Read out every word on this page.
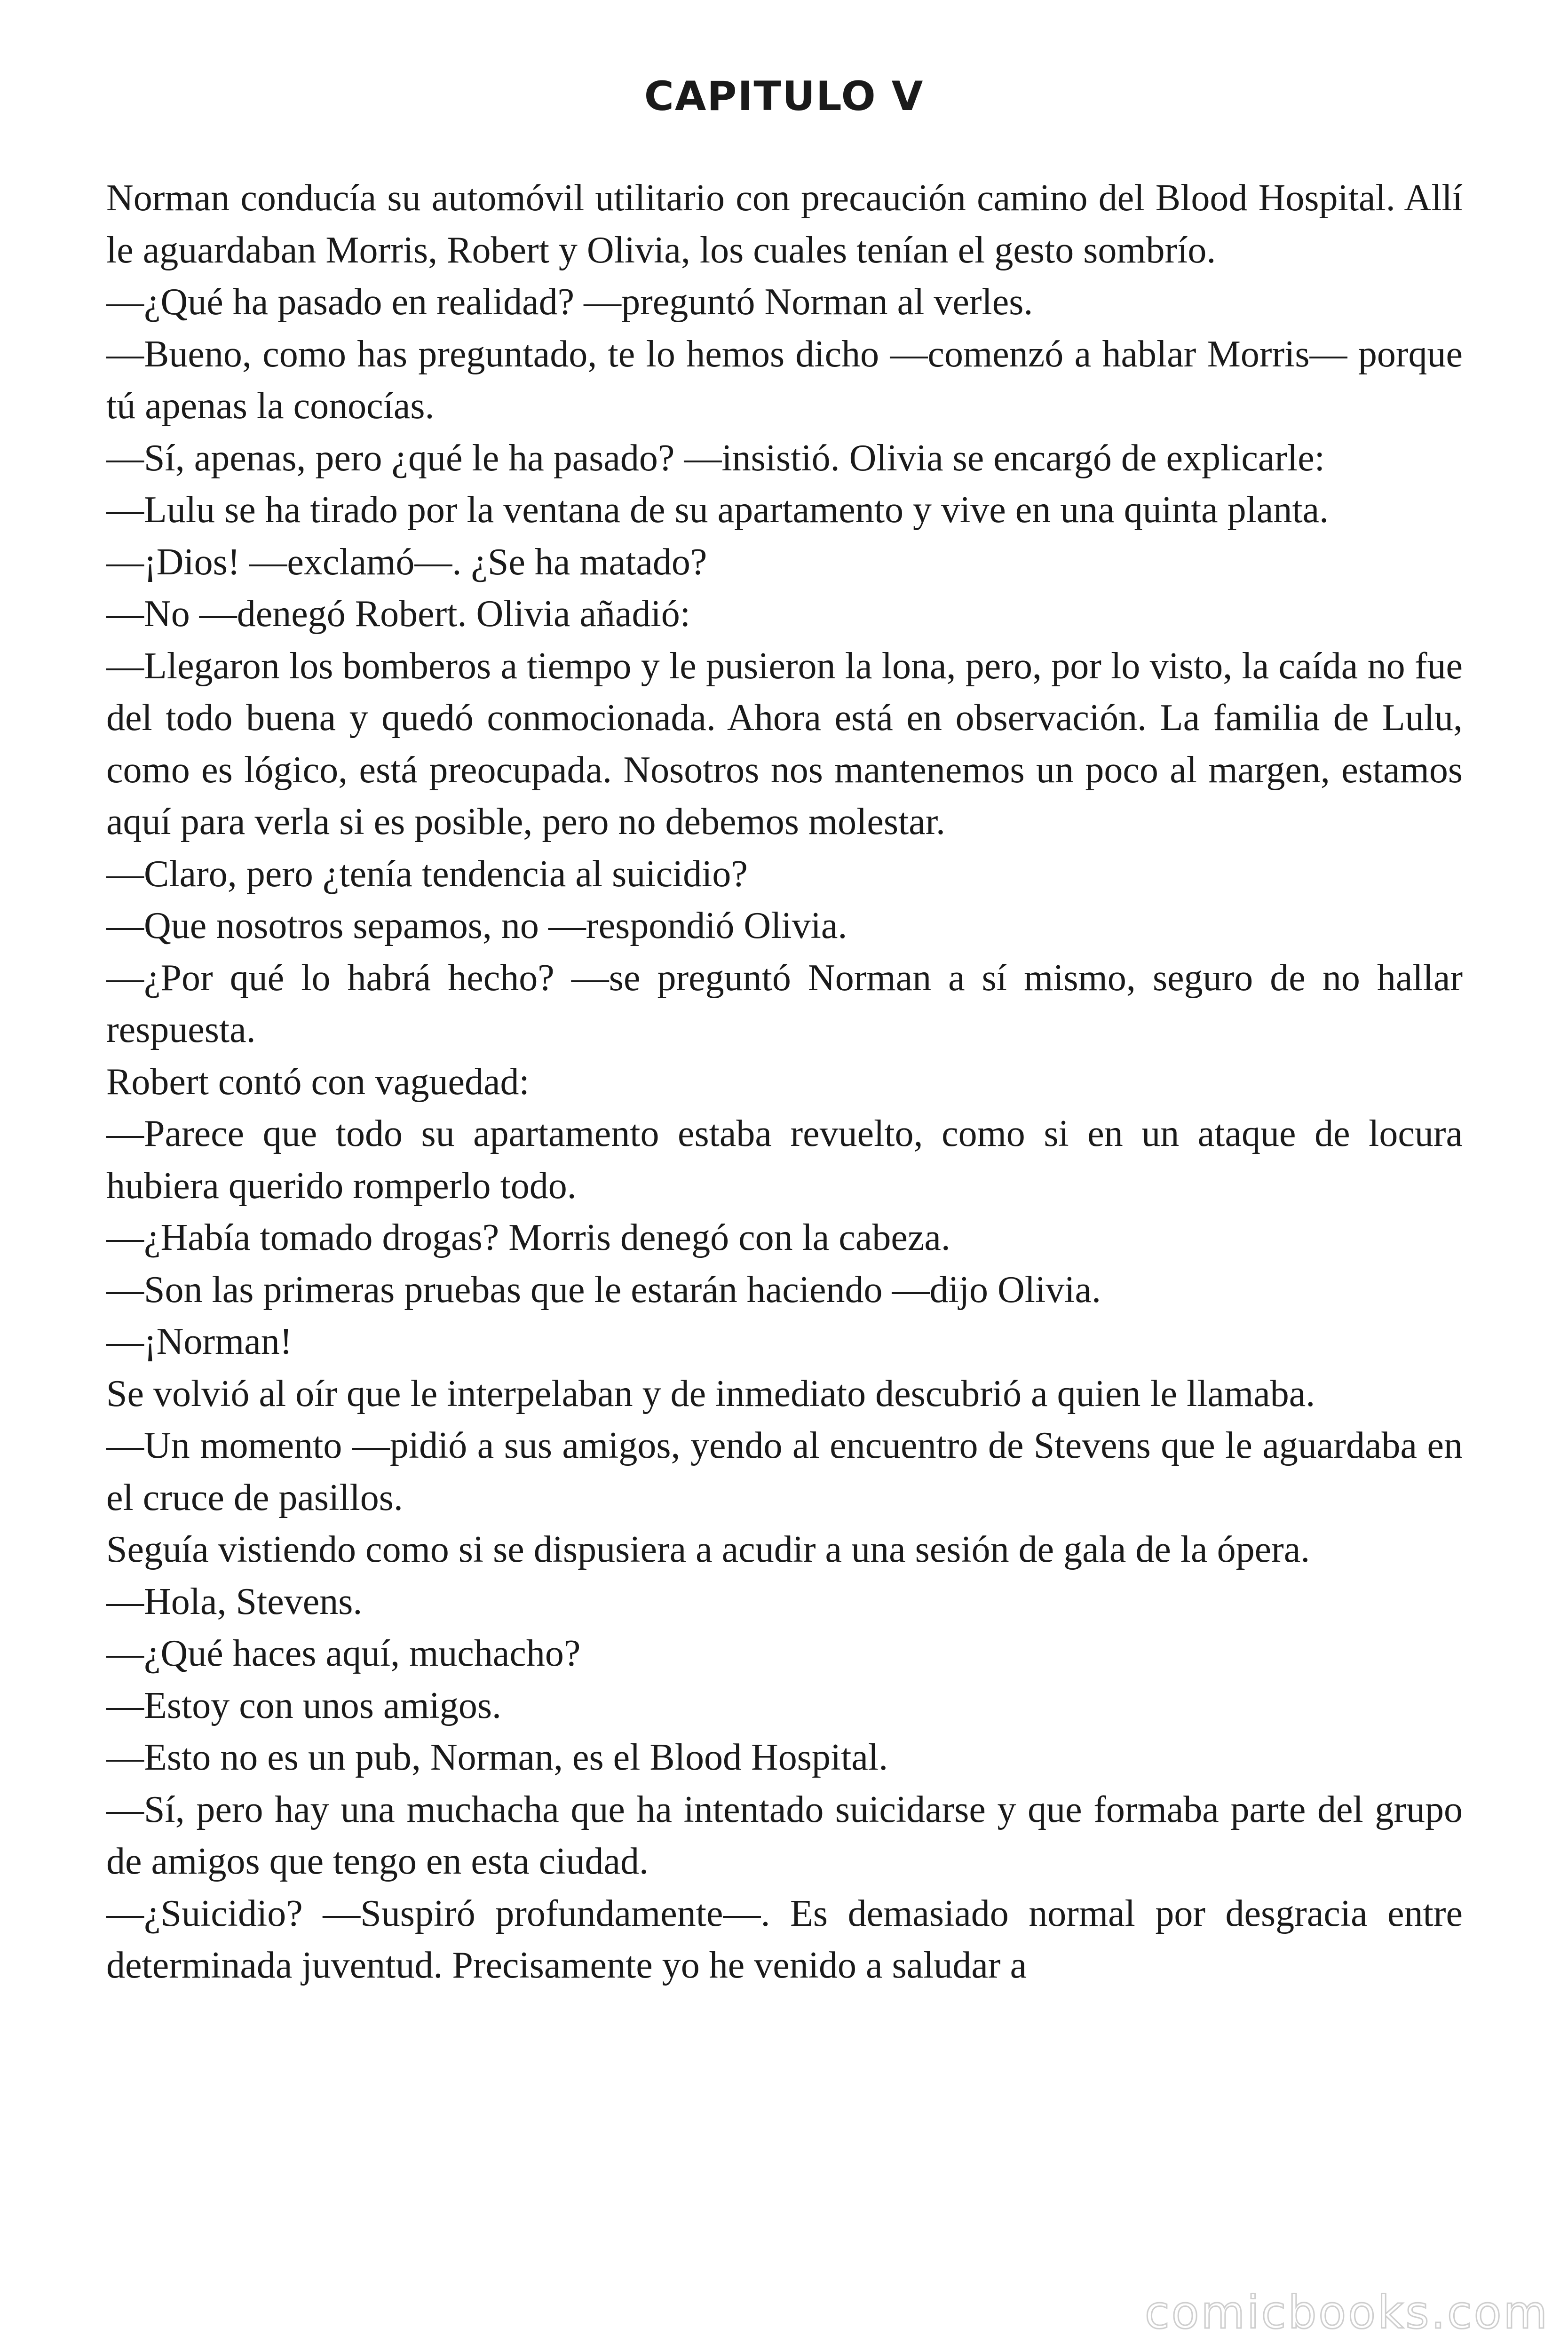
CAPITULO V

Norman conducía su automóvil utilitario con precaución camino del Blood Hospital. Allí le aguardaban Morris, Robert y Olivia, los cuales tenían el gesto sombrío.

—¿Qué ha pasado en realidad? —preguntó Norman al verles.

—Bueno, como has preguntado, te lo hemos dicho —comenzó a hablar Morris— porque tú apenas la conocías.

—Sí, apenas, pero ¿qué le ha pasado? —insistió. Olivia se encargó de explicarle:

—Lulu se ha tirado por la ventana de su apartamento y vive en una quinta planta.

—¡Dios! —exclamó—. ¿Se ha matado?

—No —denegó Robert. Olivia añadió:

—Llegaron los bomberos a tiempo y le pusieron la lona, pero, por lo visto, la caída no fue del todo buena y quedó conmocionada. Ahora está en observación. La familia de Lulu, como es lógico, está preocupada. Nosotros nos mantenemos un poco al margen, estamos aquí para verla si es posible, pero no debemos molestar.

—Claro, pero ¿tenía tendencia al suicidio?

—Que nosotros sepamos, no —respondió Olivia.

—¿Por qué lo habrá hecho? —se preguntó Norman a sí mismo, seguro de no hallar respuesta.

Robert contó con vaguedad:

—Parece que todo su apartamento estaba revuelto, como si en un ataque de locura hubiera querido romperlo todo.

—¿Había tomado drogas? Morris denegó con la cabeza.

—Son las primeras pruebas que le estarán haciendo —dijo Olivia.

—¡Norman!

Se volvió al oír que le interpelaban y de inmediato descubrió a quien le llamaba.

—Un momento —pidió a sus amigos, yendo al encuentro de Stevens que le aguardaba en el cruce de pasillos.

Seguía vistiendo como si se dispusiera a acudir a una sesión de gala de la ópera.

—Hola, Stevens.

—¿Qué haces aquí, muchacho?

—Estoy con unos amigos.

—Esto no es un pub, Norman, es el Blood Hospital.

—Sí, pero hay una muchacha que ha intentado suicidarse y que formaba parte del grupo de amigos que tengo en esta ciudad.

—¿Suicidio? —Suspiró profundamente—. Es demasiado normal por desgracia entre determinada juventud. Precisamente yo he venido a saludar a

comicbooks.com
